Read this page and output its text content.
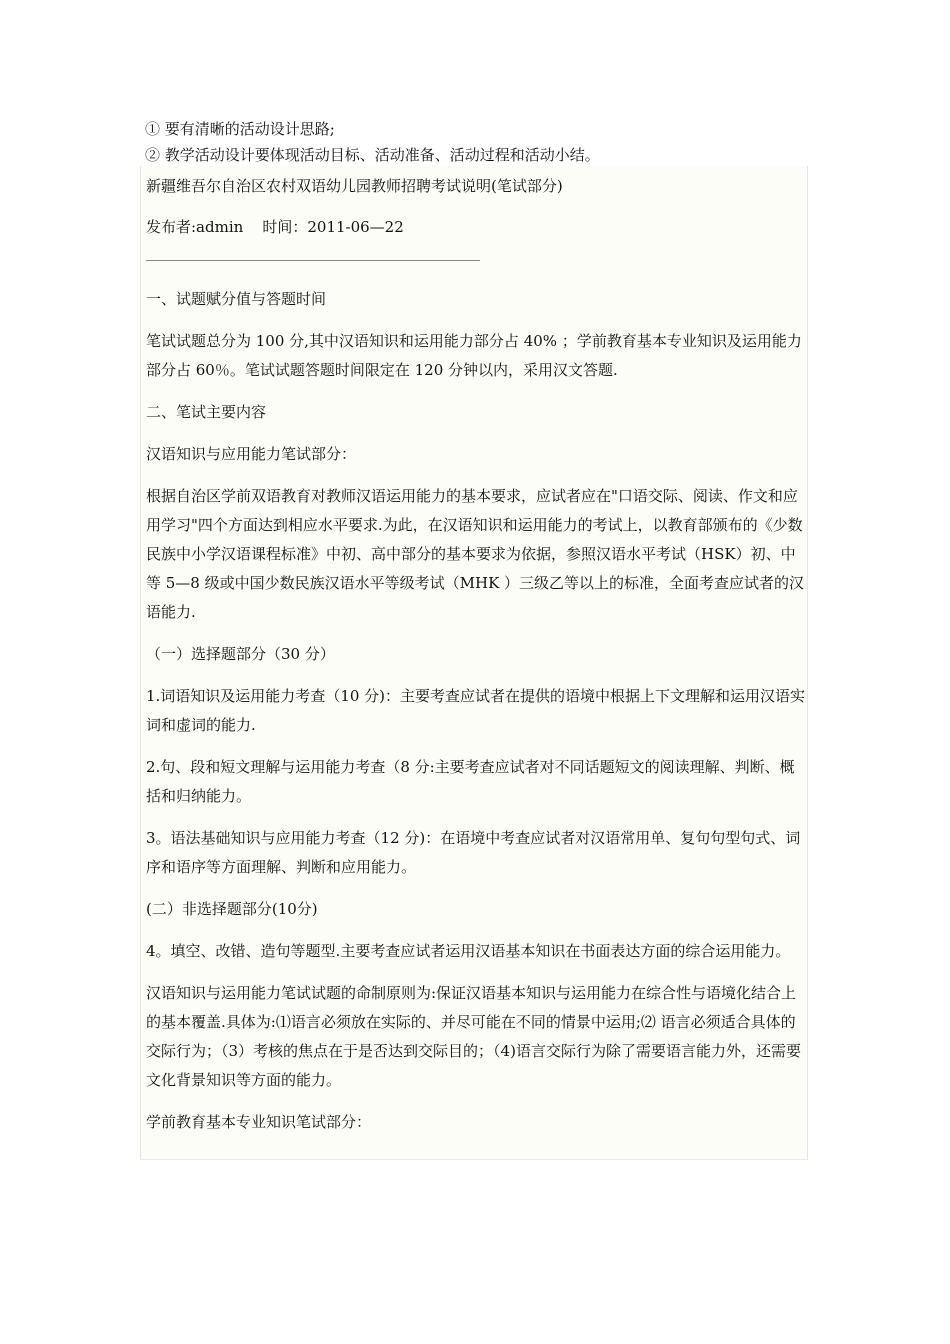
① 要有清晰的活动设计思路;
② 教学活动设计要体现活动目标、活动准备、活动过程和活动小结。

新疆维吾尔自治区农村双语幼儿园教师招聘考试说明(笔试部分)

发布者:admin    时间：2011-06—22

一、试题赋分值与答题时间

笔试试题总分为 100 分,其中汉语知识和运用能力部分占 40% ；学前教育基本专业知识及运用能力部分占 60％。笔试试题答题时间限定在 120 分钟以内，采用汉文答题.

二、笔试主要内容

汉语知识与应用能力笔试部分：

根据自治区学前双语教育对教师汉语运用能力的基本要求，应试者应在"口语交际、阅读、作文和应用学习"四个方面达到相应水平要求.为此，在汉语知识和运用能力的考试上，以教育部颁布的《少数民族中小学汉语课程标准》中初、高中部分的基本要求为依据，参照汉语水平考试（HSK）初、中等 5—8 级或中国少数民族汉语水平等级考试（MHK ）三级乙等以上的标准，全面考查应试者的汉语能力.

（一）选择题部分（30 分）

1.词语知识及运用能力考查（10 分)：主要考查应试者在提供的语境中根据上下文理解和运用汉语实词和虚词的能力.

2.句、段和短文理解与运用能力考查（8 分:主要考查应试者对不同话题短文的阅读理解、判断、概括和归纳能力。

3。语法基础知识与应用能力考查（12 分)：在语境中考查应试者对汉语常用单、复句句型句式、词序和语序等方面理解、判断和应用能力。

(二）非选择题部分(10分)

4。填空、改错、造句等题型.主要考查应试者运用汉语基本知识在书面表达方面的综合运用能力。

汉语知识与运用能力笔试试题的命制原则为:保证汉语基本知识与运用能力在综合性与语境化结合上的基本覆盖.具体为:⑴语言必须放在实际的、并尽可能在不同的情景中运用;⑵ 语言必须适合具体的交际行为；（3）考核的焦点在于是否达到交际目的；（4)语言交际行为除了需要语言能力外，还需要文化背景知识等方面的能力。

学前教育基本专业知识笔试部分：
